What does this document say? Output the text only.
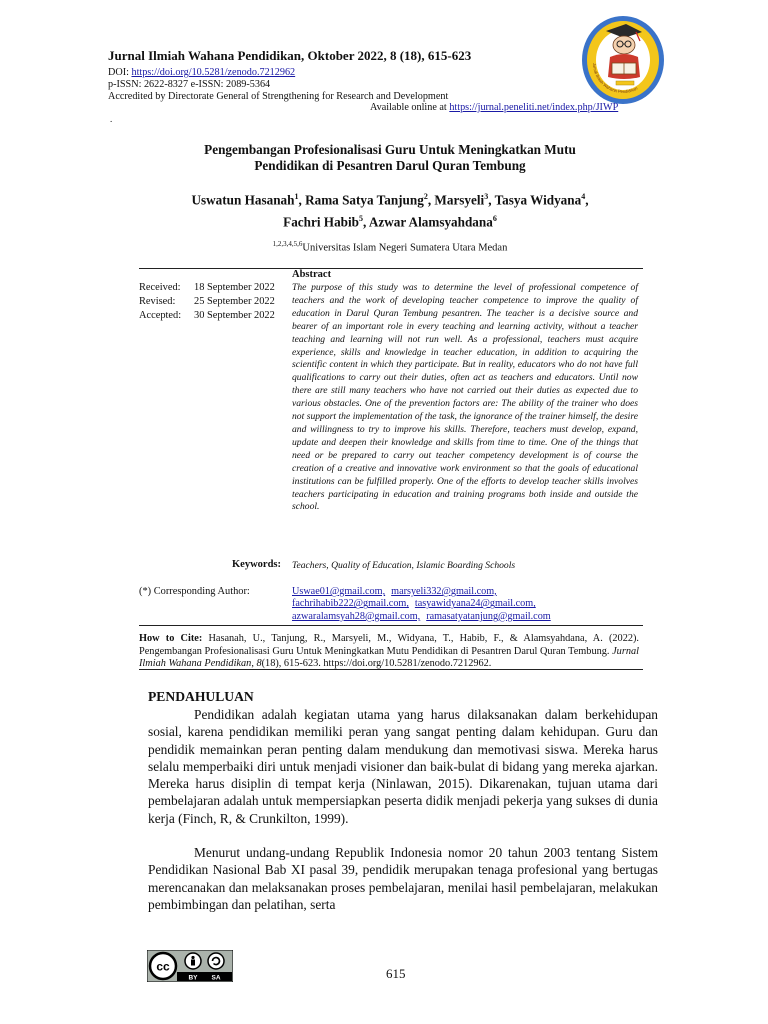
Jurnal Ilmiah Wahana Pendidikan, Oktober 2022, 8 (18), 615-623
DOI: https://doi.org/10.5281/zenodo.7212962
p-ISSN: 2622-8327 e-ISSN: 2089-5364
Accredited by Directorate General of Strengthening for Research and Development
Available online at https://jurnal.peneliti.net/index.php/JIWP
.
Jurnal Ilmiah Wahana Pendidikan
Pengembangan Profesionalisasi Guru Untuk Meningkatkan Mutu
Pendidikan di Pesantren Darul Quran Tembung
Uswatun Hasanah$^1$, Rama Satya Tanjung$^2$, Marsyeli$^3$, Tasya Widyana$^4$,
Fachri Habib$^5$, Azwar Alamsyahdana$^6$
$^{1,2,3,4,5,6}$Universitas Islam Negeri Sumatera Utara Medan
Received: 18 September 2022
Revised: 25 September 2022
Accepted: 30 September 2022
Abstract
The purpose of this study was to determine the level of professional competence of teachers and the work of developing teacher competence to improve the quality of education in Darul Quran Tembung pesantren. The teacher is a decisive source and bearer of an important role in every teaching and learning activity, without a teacher teaching and learning will not run well. As a professional, teachers must acquire experience, skills and knowledge in teacher education, in addition to acquiring the scientific content in which they participate. But in reality, educators who do not have full qualifications to carry out their duties, often act as teachers and educators. Until now there are still many teachers who have not carried out their duties as expected due to various obstacles. One of the prevention factors are: The ability of the trainer who does not support the implementation of the task, the ignorance of the trainer himself, the desire and willingness to try to improve his skills. Therefore, teachers must develop, expand, update and deepen their knowledge and skills from time to time. One of the things that need or be prepared to carry out teacher competency development is of course the creation of a creative and innovative work environment so that the goals of educational institutions can be fulfilled properly. One of the efforts to develop teacher skills involves teachers participating in education and training programs both inside and outside the school.
Keywords: Teachers, Quality of Education, Islamic Boarding Schools
(*) Corresponding Author:	Uswae01@gmail.com, marsyeli332@gmail.com,
fachrihabib222@gmail.com, tasyawidyana24@gmail.com,
azwaralamsyah28@gmail.com, ramasatyatanjung@gmail.com
How to Cite: Hasanah, U., Tanjung, R., Marsyeli, M., Widyana, T., Habib, F., & Alamsyahdana, A. (2022). Pengembangan Profesionalisasi Guru Untuk Meningkatkan Mutu Pendidikan di Pesantren Darul Quran Tembung. Jurnal Ilmiah Wahana Pendidikan, 8(18), 615-623. https://doi.org/10.5281/zenodo.7212962.
PENDAHULUAN
Pendidikan adalah kegiatan utama yang harus dilaksanakan dalam berkehidupan sosial, karena pendidikan memiliki peran yang sangat penting dalam kehidupan. Guru dan pendidik memainkan peran penting dalam mendukung dan memotivasi siswa. Mereka harus selalu memperbaiki diri untuk menjadi visioner dan baik-bulat di bidang yang mereka ajarkan. Mereka harus disiplin di tempat kerja (Ninlawan, 2015). Dikarenakan, tujuan utama dari pembelajaran adalah untuk mempersiapkan peserta didik menjadi pekerja yang sukses di dunia kerja (Finch, R, & Crunkilton, 1999).
Menurut undang-undang Republik Indonesia nomor 20 tahun 2003 tentang Sistem Pendidikan Nasional Bab XI pasal 39, pendidik merupakan tenaga profesional yang bertugas merencanakan dan melaksanakan proses pembelajaran, menilai hasil pembelajaran, melakukan pembimbingan dan pelatihan, serta
cc
BY SA	615
